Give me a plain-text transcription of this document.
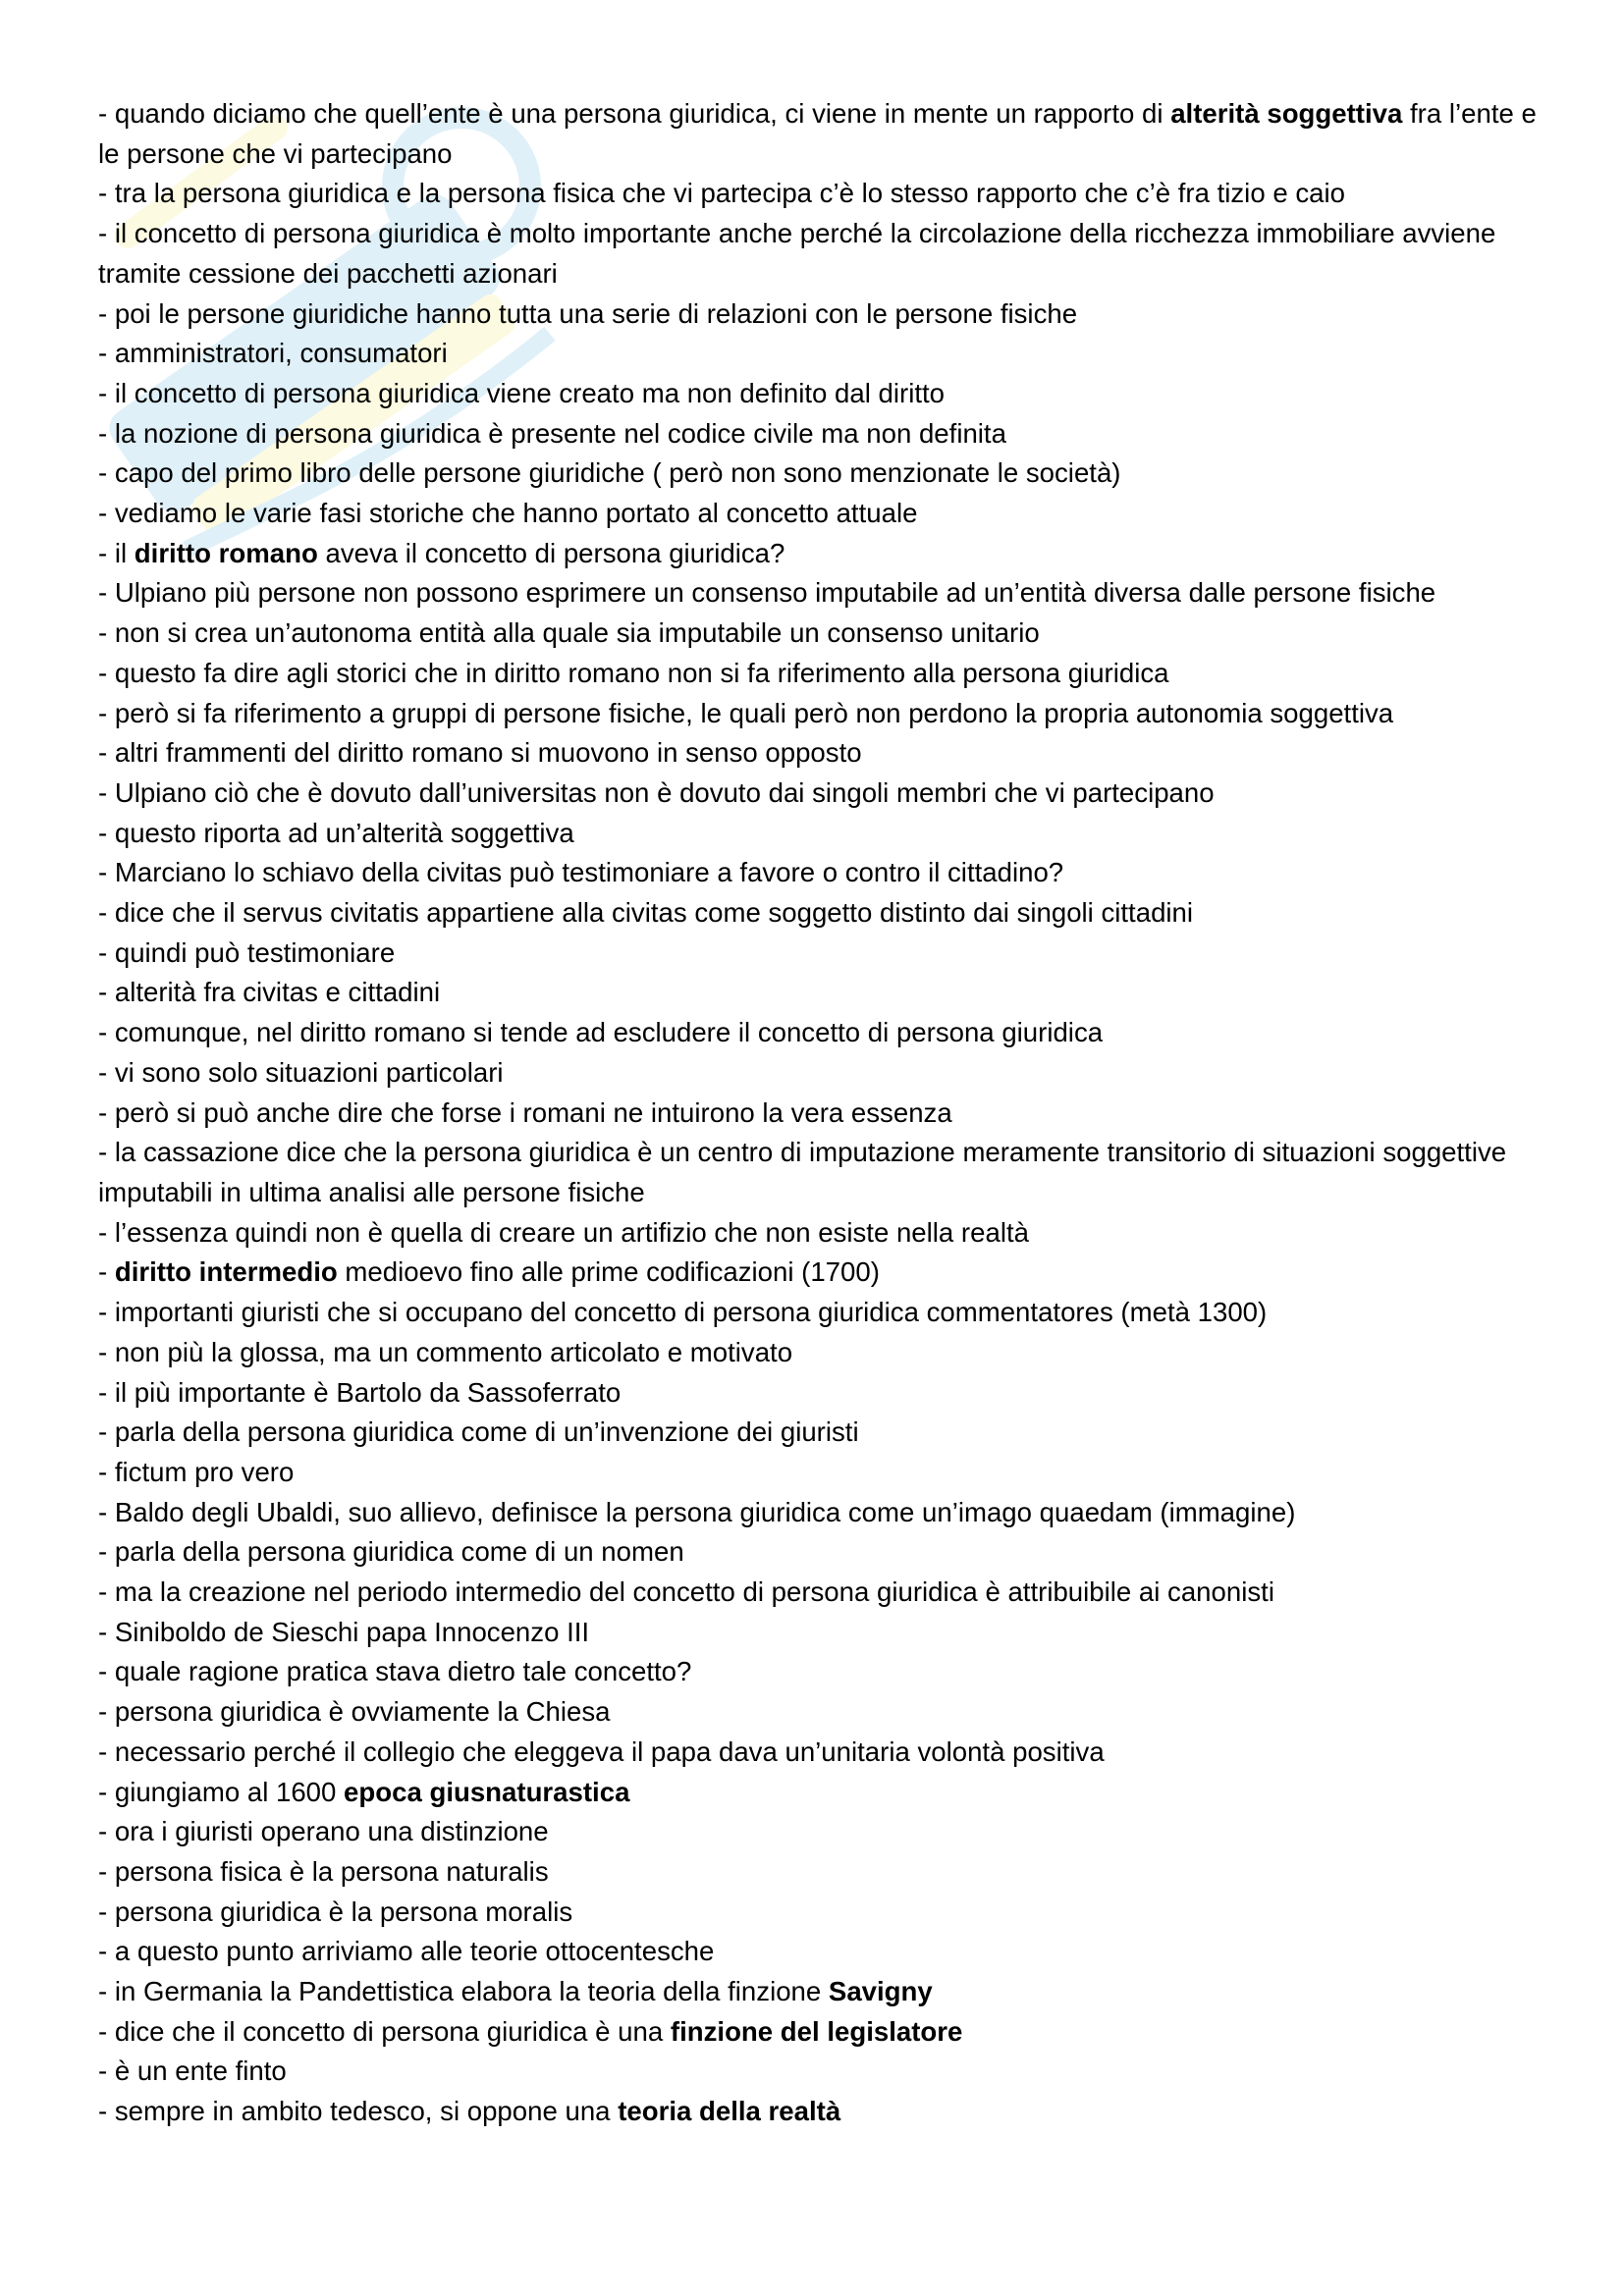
- quando diciamo che quell’ente è una persona giuridica, ci viene in mente un rapporto di alterità soggettiva fra l’ente e le persone che vi partecipano

- tra la persona giuridica e la persona fisica che vi partecipa c’è lo stesso rapporto che c’è fra tizio e caio

- il concetto di persona giuridica è molto importante anche perché la circolazione della ricchezza immobiliare avviene tramite cessione dei pacchetti azionari

- poi le persone giuridiche hanno tutta una serie di relazioni con le persone fisiche

- amministratori, consumatori

- il concetto di persona giuridica viene creato ma non definito dal diritto

- la nozione di persona giuridica è presente nel codice civile ma non definita

- capo del primo libro delle persone giuridiche ( però non sono menzionate le società)

- vediamo le varie fasi storiche che hanno portato al concetto attuale

- il diritto romano aveva il concetto di persona giuridica?

- Ulpiano più persone non possono esprimere un consenso imputabile ad un’entità diversa dalle persone fisiche

- non si crea un’autonoma entità alla quale sia imputabile un consenso unitario

- questo fa dire agli storici che in diritto romano non si fa riferimento alla persona giuridica

- però si fa riferimento a gruppi di persone fisiche, le quali però non perdono la propria autonomia soggettiva

- altri frammenti del diritto romano si muovono in senso opposto

- Ulpiano ciò che è dovuto dall’universitas non è dovuto dai singoli membri che vi partecipano

- questo riporta ad un’alterità soggettiva

- Marciano lo schiavo della civitas può testimoniare a favore o contro il cittadino?

- dice che il servus civitatis appartiene alla civitas come soggetto distinto dai singoli cittadini

- quindi può testimoniare

- alterità fra civitas e cittadini

- comunque, nel diritto romano si tende ad escludere il concetto di persona giuridica

- vi sono solo situazioni particolari

- però si può anche dire che forse i romani ne intuirono la vera essenza

- la cassazione dice che la persona giuridica è un centro di imputazione meramente transitorio di situazioni soggettive imputabili in ultima analisi alle persone fisiche

- l’essenza quindi non è quella di creare un artifizio che non esiste nella realtà

- diritto intermedio medioevo fino alle prime codificazioni (1700)

- importanti giuristi che si occupano del concetto di persona giuridica commentatores (metà 1300)

- non più la glossa, ma un commento articolato e motivato

- il più importante è Bartolo da Sassoferrato

- parla della persona giuridica come di un’invenzione dei giuristi

- fictum pro vero

- Baldo degli Ubaldi, suo allievo, definisce la persona giuridica come un’imago quaedam (immagine)

- parla della persona giuridica come di un nomen

- ma la creazione nel periodo intermedio del concetto di persona giuridica è attribuibile ai canonisti

- Siniboldo de Sieschi papa Innocenzo III

- quale ragione pratica stava dietro tale concetto?

- persona giuridica è ovviamente la Chiesa

- necessario perché il collegio che eleggeva il papa dava un’unitaria volontà positiva

- giungiamo al 1600 epoca giusnaturastica

- ora i giuristi operano una distinzione

- persona fisica è la persona naturalis

- persona giuridica è la persona moralis

- a questo punto arriviamo alle teorie ottocentesche

- in Germania la Pandettistica elabora la teoria della finzione Savigny

- dice che il concetto di persona giuridica è una finzione del legislatore

- è un ente finto

- sempre in ambito tedesco, si oppone una teoria della realtà
